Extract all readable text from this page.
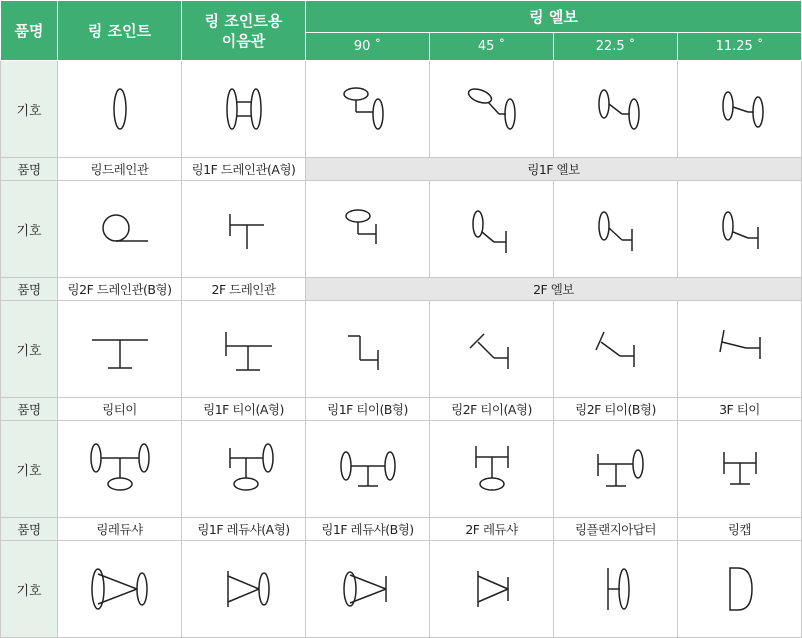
품명	링 조인트	링 조인트용
이음관	링 엘보			
			90 ˚	45 ˚	22.5 ˚	11.25 ˚
기호	

품명	링드레인관	링1F 드레인관(A형)	링1F 엘보			
기호	

품명	링2F 드레인관(B형)	2F 드레인관	2F 엘보			
기호	

품명	링티이	링1F 티이(A형)	링1F 티이(B형)	링2F 티이(A형)	링2F 티이(B형)	3F 티이
기호	

품명	링레듀샤	링1F 레듀샤(A형)	링1F 레듀샤(B형)	2F 레듀샤	링플랜지아답터	링캡
기호	
